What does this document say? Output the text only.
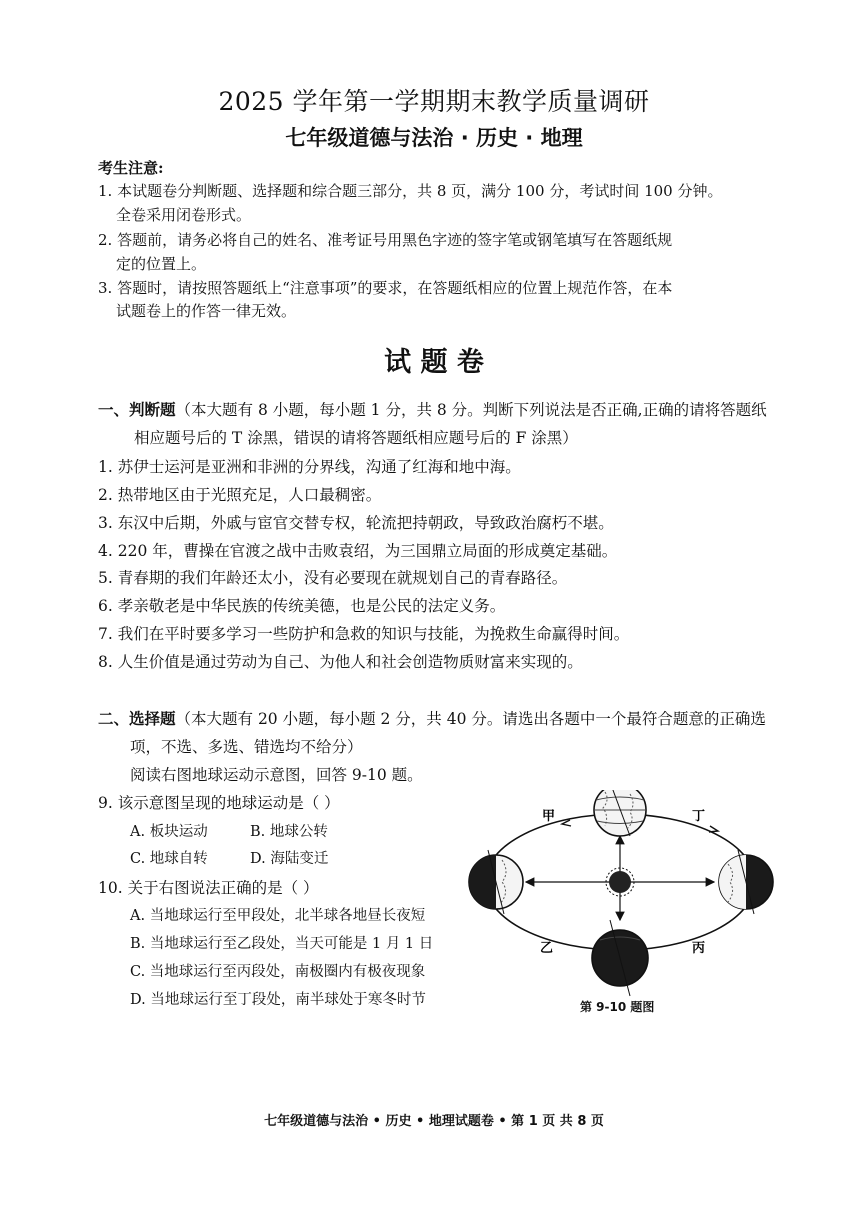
2025 学年第一学期期末教学质量调研
七年级道德与法治 · 历史 · 地理
考生注意:
1. 本试题卷分判断题、选择题和综合题三部分，共 8 页，满分 100 分，考试时间 100 分钟。
全卷采用闭卷形式。
2. 答题前，请务必将自己的姓名、准考证号用黑色字迹的签字笔或钢笔填写在答题纸规
定的位置上。
3. 答题时，请按照答题纸上“注意事项”的要求，在答题纸相应的位置上规范作答，在本
试题卷上的作答一律无效。
试 题 卷
一、判断题（本大题有 8 小题，每小题 1 分，共 8 分。判断下列说法是否正确,正确的请将答题纸
相应题号后的 T 涂黑，错误的请将答题纸相应题号后的 F 涂黑）
1. 苏伊士运河是亚洲和非洲的分界线，沟通了红海和地中海。
2. 热带地区由于光照充足，人口最稠密。
3. 东汉中后期，外戚与宦官交替专权，轮流把持朝政，导致政治腐朽不堪。
4. 220 年，曹操在官渡之战中击败袁绍，为三国鼎立局面的形成奠定基础。
5. 青春期的我们年龄还太小，没有必要现在就规划自己的青春路径。
6. 孝亲敬老是中华民族的传统美德，也是公民的法定义务。
7. 我们在平时要多学习一些防护和急救的知识与技能，为挽救生命赢得时间。
8. 人生价值是通过劳动为自己、为他人和社会创造物质财富来实现的。
二、选择题（本大题有 20 小题，每小题 2 分，共 40 分。请选出各题中一个最符合题意的正确选
项，不选、多选、错选均不给分）
阅读右图地球运动示意图，回答 9-10 题。
9. 该示意图呈现的地球运动是（ ）
A. 板块运动	B. 地球公转
C. 地球自转	D. 海陆变迁
10. 关于右图说法正确的是（ ）
A. 当地球运行至甲段处，北半球各地昼长夜短
B. 当地球运行至乙段处，当天可能是 1 月 1 日
C. 当地球运行至丙段处，南极圈内有极夜现象
D. 当地球运行至丁段处，南半球处于寒冬时节
甲	丁
乙	丙
第 9-10 题图
七年级道德与法治 • 历史 • 地理试题卷 • 第 1 页 共 8 页
